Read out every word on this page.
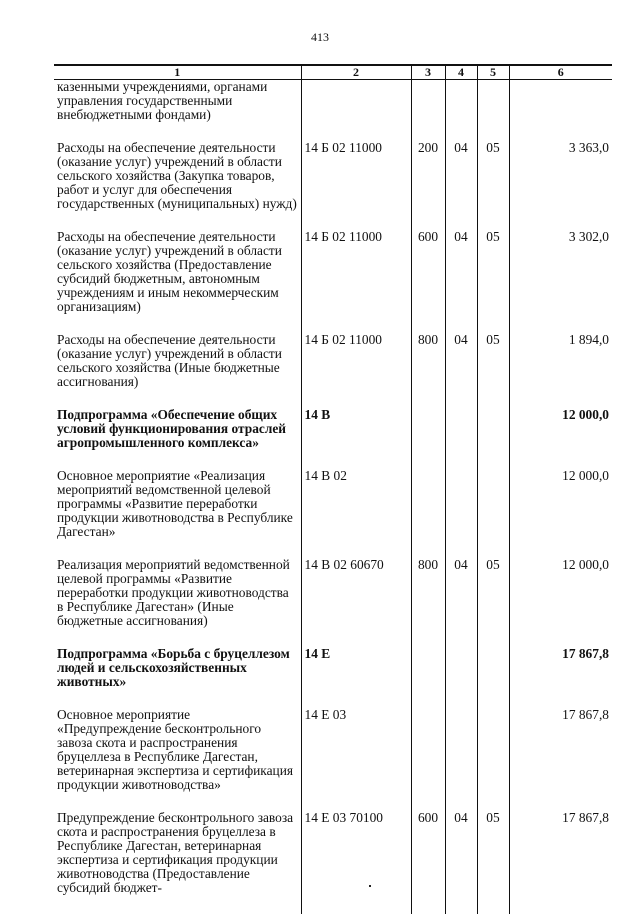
413
1	2	3	4	5	6
казенными учреждениями, органами управления государственными внебюджетными фондами)					
Расходы на обеспечение деятельности (оказание услуг) учреждений в области сельского хозяйства (Закупка товаров, работ и услуг для обеспечения государственных (муниципальных) нужд)	14 Б 02 11000	200	04	05	3 363,0
Расходы на обеспечение деятельности (оказание услуг) учреждений в области сельского хозяйства (Предоставление субсидий бюджетным, автономным учреждениям и иным некоммерческим организациям)	14 Б 02 11000	600	04	05	3 302,0
Расходы на обеспечение деятельности (оказание услуг) учреждений в области сельского хозяйства (Иные бюджетные ассигнования)	14 Б 02 11000	800	04	05	1 894,0
Подпрограмма «Обеспечение общих условий функционирования отраслей агропромышленного комплекса»	14 В				12 000,0
Основное мероприятие «Реализация мероприятий ведомственной целевой программы «Развитие переработки продукции животноводства в Республике Дагестан»	14 В 02				12 000,0
Реализация мероприятий ведомственной целевой программы «Развитие переработки продукции животноводства в Республике Дагестан» (Иные бюджетные ассигнования)	14 В 02 60670	800	04	05	12 000,0
Подпрограмма «Борьба с бруцеллезом людей и сельскохозяйственных животных»	14 Е				17 867,8
Основное мероприятие «Предупреждение бесконтрольного завоза скота и распространения бруцеллеза в Республике Дагестан, ветеринарная экспертиза и сертификация продукции животноводства»	14 Е 03				17 867,8
Предупреждение бесконтрольного завоза скота и распространения бруцеллеза в Республике Дагестан, ветеринарная экспертиза и сертификация продукции животноводства (Предоставление субсидий бюджет-	14 Е 03 70100	600	04	05	17 867,8
